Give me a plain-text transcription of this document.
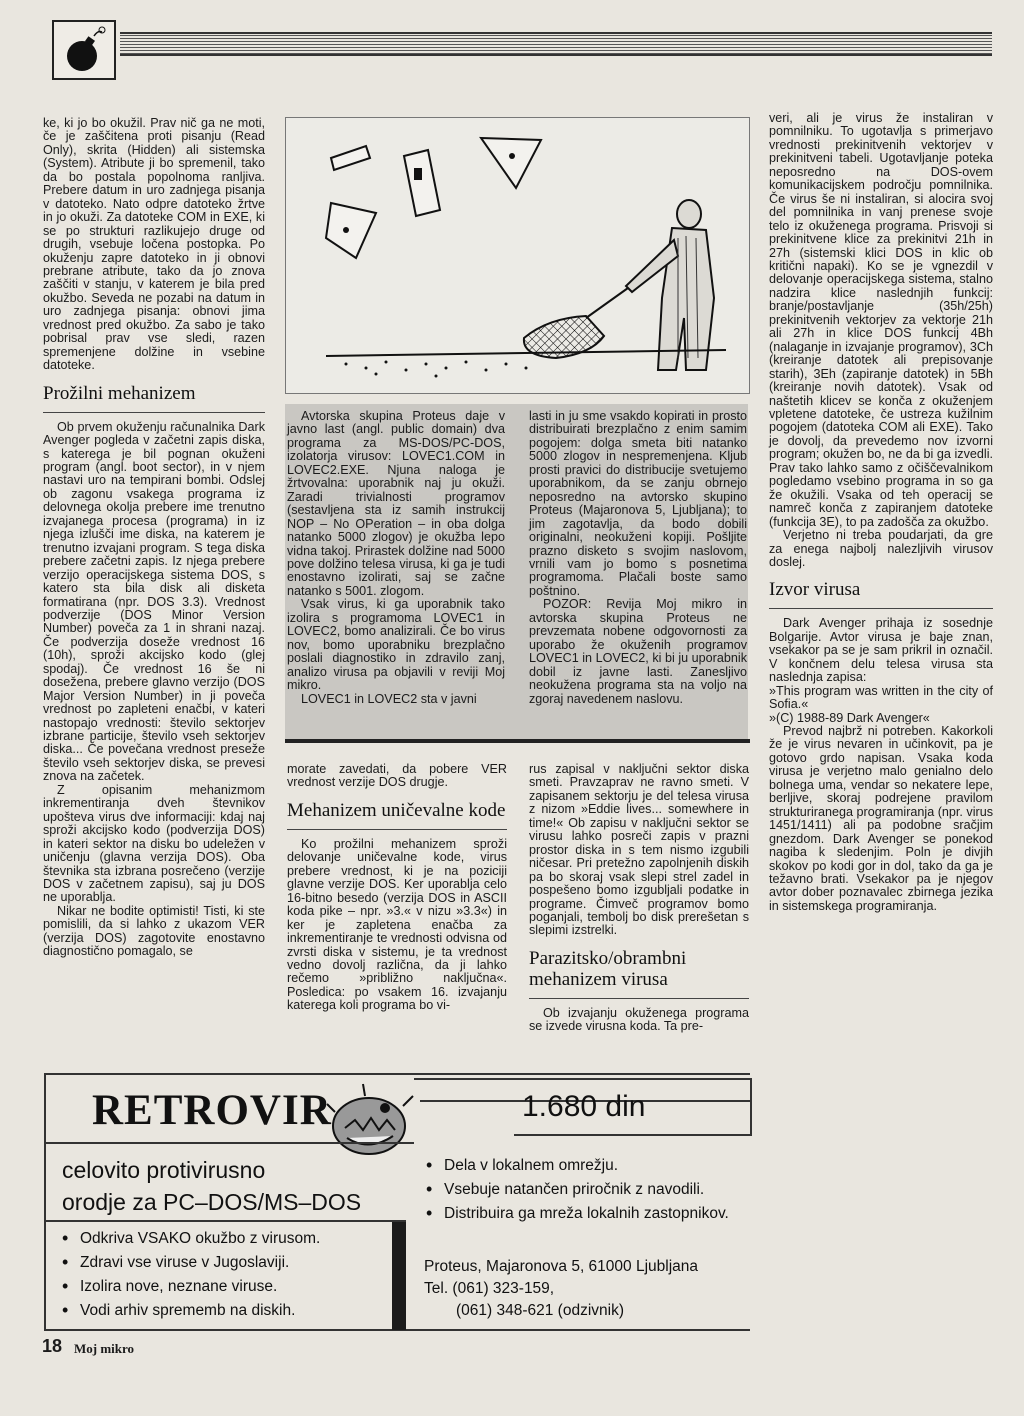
ke, ki jo bo okužil. Prav nič ga ne moti, če je zaščitena proti pisanju (Read Only), skrita (Hidden) ali sistemska (System). Atribute ji bo spremenil, tako da bo postala popolnoma ranljiva. Prebere datum in uro zadnjega pisanja v datoteko. Nato odpre datoteko žrtve in jo okuži. Za datoteke COM in EXE, ki se po strukturi razlikujejo druge od drugih, vsebuje ločena postopka. Po okuženju zapre datoteko in ji obnovi prebrane atribute, tako da jo znova zaščiti v stanju, v katerem je bila pred okužbo. Seveda ne pozabi na datum in uro zadnjega pisanja: obnovi jima vrednost pred okužbo. Za sabo je tako pobrisal prav vse sledi, razen spremenjene dolžine in vsebine datoteke.

Prožilni mehanizem

Ob prvem okuženju računalnika Dark Avenger pogleda v začetni zapis diska, s katerega je bil pognan okuženi program (angl. boot sector), in v njem nastavi uro na tempirani bombi. Odslej ob zagonu vsakega programa iz delovnega okolja prebere ime trenutno izvajanega procesa (programa) in iz njega izlušči ime diska, na katerem je trenutno izvajani program. S tega diska prebere začetni zapis. Iz njega prebere verzijo operacijskega sistema DOS, s katero sta bila disk ali disketa formatirana (npr. DOS 3.3). Vrednost podverzije (DOS Minor Version Number) poveča za 1 in shrani nazaj. Če podverzija doseže vrednost 16 (10h), sproži akcijsko kodo (glej spodaj). Če vrednost 16 še ni dosežena, prebere glavno verzijo (DOS Major Version Number) in ji poveča vrednost po zapleteni enačbi, v kateri nastopajo vrednosti: število sektorjev izbrane particije, število vseh sektorjev diska... Če povečana vrednost preseže število vseh sektorjev diska, se prevesi znova na začetek.

Z opisanim mehanizmom inkrementiranja dveh števnikov upošteva virus dve informaciji: kdaj naj sproži akcijsko kodo (podverzija DOS) in kateri sektor na disku bo udeležen v uničenju (glavna verzija DOS). Oba števnika sta izbrana posrečeno (verzije DOS v začetnem zapisu), saj ju DOS ne uporablja.

Nikar ne bodite optimisti! Tisti, ki ste pomislili, da si lahko z ukazom VER (verzija DOS) zagotovite enostavno diagnostično pomagalo, se

Avtorska skupina Proteus daje v javno last (angl. public domain) dva programa za MS-DOS/PC-DOS, izolatorja virusov: LOVEC1.COM in LOVEC2.EXE. Njuna naloga je žrtvovalna: uporabnik naj ju okuži. Zaradi trivialnosti programov (sestavljena sta iz samih instrukcij NOP – No OPeration – in oba dolga natanko 5000 zlogov) je okužba lepo vidna takoj. Prirastek dolžine nad 5000 pove dolžino telesa virusa, ki ga je tudi enostavno izolirati, saj se začne natanko s 5001. zlogom.

Vsak virus, ki ga uporabnik tako izolira s programoma LOVEC1 in LOVEC2, bomo analizirali. Če bo virus nov, bomo uporabniku brezplačno poslali diagnostiko in zdravilo zanj, analizo virusa pa objavili v reviji Moj mikro.

LOVEC1 in LOVEC2 sta v javni

lasti in ju sme vsakdo kopirati in prosto distribuirati brezplačno z enim samim pogojem: dolga smeta biti natanko 5000 zlogov in nespremenjena. Kljub prosti pravici do distribucije svetujemo uporabnikom, da se zanju obrnejo neposredno na avtorsko skupino Proteus (Majaronova 5, Ljubljana); to jim zagotavlja, da bodo dobili originalni, neokuženi kopiji. Pošljite prazno disketo s svojim naslovom, vrnili vam jo bomo s posnetima programoma. Plačali boste samo poštnino.

POZOR: Revija Moj mikro in avtorska skupina Proteus ne prevzemata nobene odgovornosti za uporabo že okuženih programov LOVEC1 in LOVEC2, ki bi ju uporabnik dobil iz javne lasti. Zanesljivo neokužena programa sta na voljo na zgoraj navedenem naslovu.

morate zavedati, da pobere VER vrednost verzije DOS drugje.

Mehanizem uničevalne kode

Ko prožilni mehanizem sproži delovanje uničevalne kode, virus prebere vrednost, ki je na poziciji glavne verzije DOS. Ker uporablja celo 16-bitno besedo (verzija DOS in ASCII koda pike – npr. »3.« v nizu »3.3«) in ker je zapletena enačba za inkrementiranje te vrednosti odvisna od zvrsti diska v sistemu, je ta vrednost vedno dovolj različna, da ji lahko rečemo »približno naključna«. Posledica: po vsakem 16. izvajanju katerega koli programa bo vi-

rus zapisal v naključni sektor diska smeti. Pravzaprav ne ravno smeti. V zapisanem sektorju je del telesa virusa z nizom »Eddie lives... somewhere in time!« Ob zapisu v naključni sektor se virusu lahko posreči zapis v prazni prostor diska in s tem nismo izgubili ničesar. Pri pretežno zapolnjenih diskih pa bo skoraj vsak slepi strel zadel in pospešeno bomo izgubljali podatke in programe. Čimveč programov bomo poganjali, tembolj bo disk prerešetan s slepimi izstrelki.

Parazitsko/obrambni mehanizem virusa

Ob izvajanju okuženega programa se izvede virusna koda. Ta pre-

veri, ali je virus že instaliran v pomnilniku. To ugotavlja s primerjavo vrednosti prekinitvenih vektorjev v prekinitveni tabeli. Ugotavljanje poteka neposredno na DOS-ovem komunikacijskem področju pomnilnika. Če virus še ni instaliran, si alocira svoj del pomnilnika in vanj prenese svoje telo iz okuženega programa. Prisvoji si prekinitvene klice za prekinitvi 21h in 27h (sistemski klici DOS in klic ob kritični napaki). Ko se je vgnezdil v delovanje operacijskega sistema, stalno nadzira klice naslednjih funkcij: branje/postavljanje (35h/25h) prekinitvenih vektorjev za vektorje 21h ali 27h in klice DOS funkcij 4Bh (nalaganje in izvajanje programov), 3Ch (kreiranje datotek ali prepisovanje starih), 3Eh (zapiranje datotek) in 5Bh (kreiranje novih datotek). Vsak od naštetih klicev se konča z okuženjem vpletene datoteke, če ustreza kužilnim pogojem (datoteka COM ali EXE). Tako je dovolj, da prevedemo nov izvorni program; okužen bo, ne da bi ga izvedli. Prav tako lahko samo z očiščevalnikom pogledamo vsebino programa in so ga že okužili. Vsaka od teh operacij se namreč konča z zapiranjem datoteke (funkcija 3E), to pa zadošča za okužbo.

Verjetno ni treba poudarjati, da gre za enega najbolj nalezljivih virusov doslej.

Izvor virusa

Dark Avenger prihaja iz sosednje Bolgarije. Avtor virusa je baje znan, vsekakor pa se je sam prikril in označil. V končnem delu telesa virusa sta naslednja zapisa:

»This program was written in the city of Sofia.«

»(C) 1988-89 Dark Avenger«

Prevod najbrž ni potreben. Kakorkoli že je virus nevaren in učinkovit, pa je gotovo grdo napisan. Vsaka koda virusa je verjetno malo genialno delo bolnega uma, vendar so nekatere lepe, berljive, skoraj podrejene pravilom strukturiranega programiranja (npr. virus 1451/1411) ali pa podobne sračjim gnezdom. Dark Avenger se ponekod nagiba k sledenjim. Poln je divjih skokov po kodi gor in dol, tako da ga je težavno brati. Vsekakor pa je njegov avtor dober poznavalec zbirnega jezika in sistemskega programiranja.

RETROVIR	1.680 din
celovito protivirusno
orodje za PC–DOS/MS–DOS
• Odkriva VSAKO okužbo z virusom.
• Zdravi vse viruse v Jugoslaviji.
• Izolira nove, neznane viruse.
• Vodi arhiv sprememb na diskih.
• Dela v lokalnem omrežju.
• Vsebuje natančen priročnik z navodili.
• Distribuira ga mreža lokalnih zastopnikov.
Proteus, Majaronova 5, 61000 Ljubljana
Tel. (061) 323-159,
(061) 348-621 (odzivnik)
18 Moj mikro
